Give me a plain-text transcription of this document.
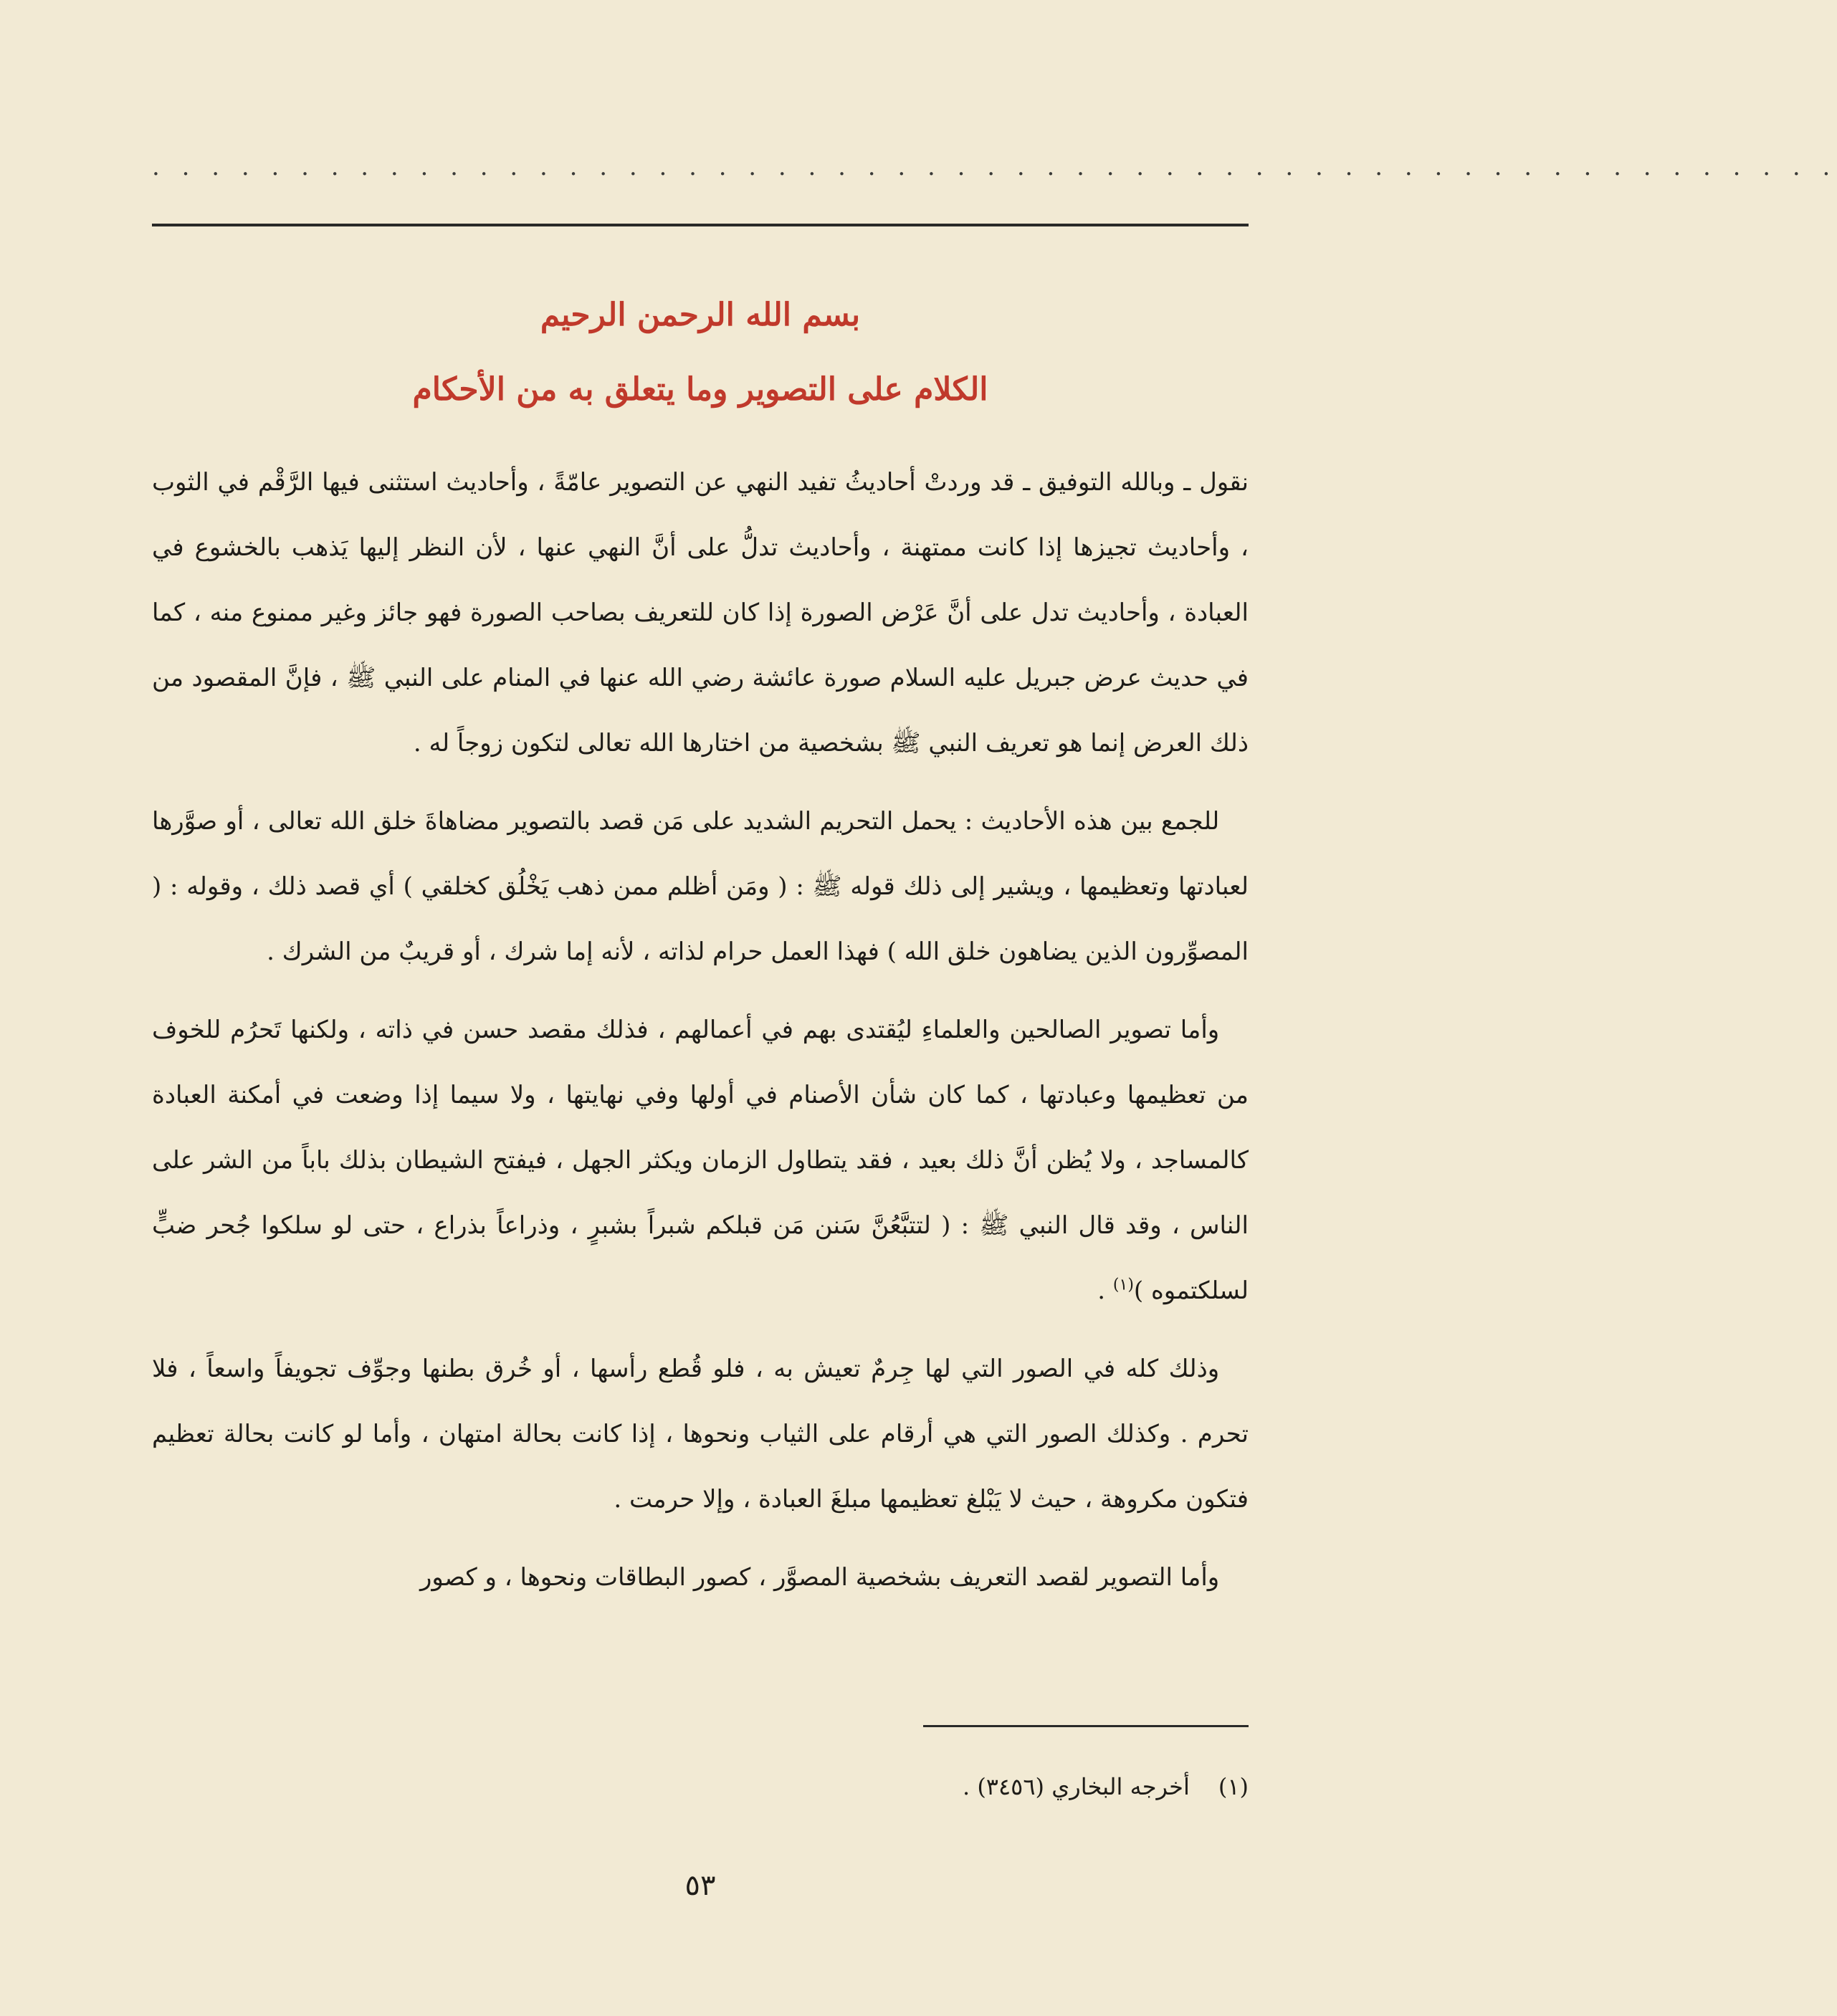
. . . . . . . . . . . . . . . . . . . . . . . . . . . . . . . . . . . . . . . . . . . . . . . . . . . . . . . . .
بسم الله الرحمن الرحيم
الكلام على التصوير وما يتعلق به من الأحكام

نقول ـ وبالله التوفيق ـ قد وردتْ أحاديثُ تفيد النهي عن التصوير عامّةً ، وأحاديث استثنى فيها الرَّقْم في الثوب ، وأحاديث تجيزها إذا كانت ممتهنة ، وأحاديث تدلُّ على أنَّ النهي عنها ، لأن النظر إليها يَذهب بالخشوع في العبادة ، وأحاديث تدل على أنَّ عَرْض الصورة إذا كان للتعريف بصاحب الصورة فهو جائز وغير ممنوع منه ، كما في حديث عرض جبريل عليه السلام صورة عائشة رضي الله عنها في المنام على النبي ﷺ ، فإنَّ المقصود من ذلك العرض إنما هو تعريف النبي ﷺ بشخصية من اختارها الله تعالى لتكون زوجاً له .

للجمع بين هذه الأحاديث : يحمل التحريم الشديد على مَن قصد بالتصوير مضاهاةَ خلق الله تعالى ، أو صوَّرها لعبادتها وتعظيمها ، ويشير إلى ذلك قوله ﷺ : ( ومَن أظلم ممن ذهب يَخْلُق كخلقي ) أي قصد ذلك ، وقوله : ( المصوِّرون الذين يضاهون خلق الله ) فهذا العمل حرام لذاته ، لأنه إما شرك ، أو قريبٌ من الشرك .

وأما تصوير الصالحين والعلماءِ ليُقتدى بهم في أعمالهم ، فذلك مقصد حسن في ذاته ، ولكنها تَحرُم للخوف من تعظيمها وعبادتها ، كما كان شأن الأصنام في أولها وفي نهايتها ، ولا سيما إذا وضعت في أمكنة العبادة كالمساجد ، ولا يُظن أنَّ ذلك بعيد ، فقد يتطاول الزمان ويكثر الجهل ، فيفتح الشيطان بذلك باباً من الشر على الناس ، وقد قال النبي ﷺ : ( لتتبَّعُنَّ سَنن مَن قبلكم شبراً بشبرٍ ، وذراعاً بذراع ، حتى لو سلكوا جُحر ضبٍّ لسلكتموه )$^{(١)}$ .

وذلك كله في الصور التي لها جِرمٌ تعيش به ، فلو قُطع رأسها ، أو خُرق بطنها وجوِّف تجويفاً واسعاً ، فلا تحرم . وكذلك الصور التي هي أرقام على الثياب ونحوها ، إذا كانت بحالة امتهان ، وأما لو كانت بحالة تعظيم فتكون مكروهة ، حيث لا يَبْلغ تعظيمها مبلغَ العبادة ، وإلا حرمت .

وأما التصوير لقصد التعريف بشخصية المصوَّر ، كصور البطاقات ونحوها ، و كصور

(١)أخرجه البخاري (٣٤٥٦) .
٥٣
